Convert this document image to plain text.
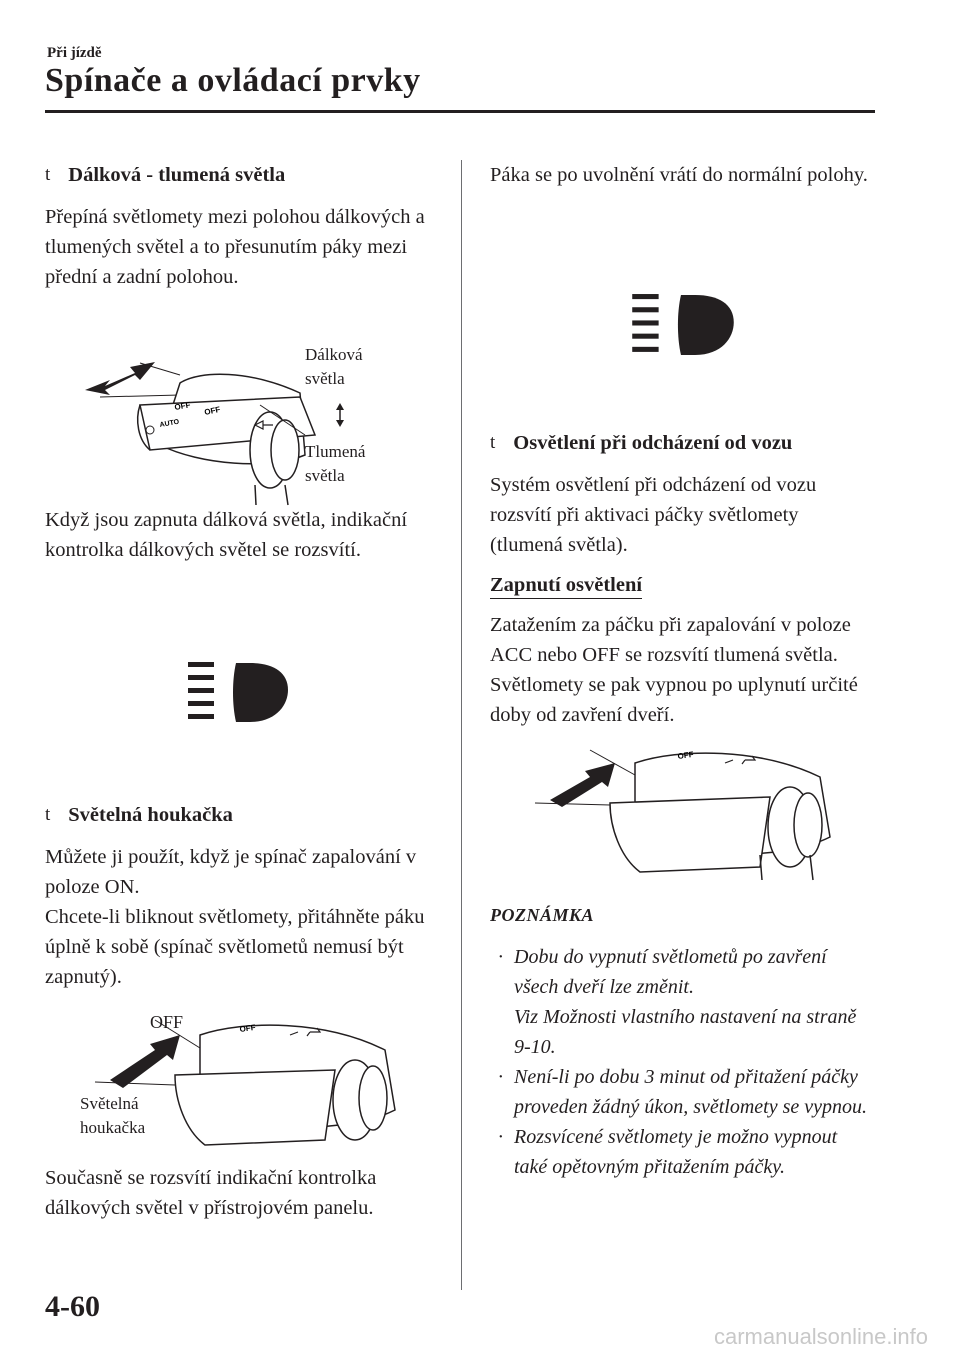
Při jízdě
Spínače a ovládací prvky
t Dálková - tlumená světla

Přepíná světlomety mezi polohou dálkových a tlumených světel a to přesunutím páky mezi přední a zadní polohou.

OFF
AUTO
OFF
Dálková světla
Tlumená světla

Když jsou zapnuta dálková světla, indikační kontrolka dálkových světel se rozsvítí.

t Světelná houkačka

Můžete ji použít, když je spínač zapalování v poloze ON.

Chcete-li bliknout světlomety, přitáhněte páku úplně k sobě (spínač světlometů nemusí být zapnutý).

OFF
OFF
Světelná houkačka

Současně se rozsvítí indikační kontrolka dálkových světel v přístrojovém panelu.

Páka se po uvolnění vrátí do normální polohy.

t Osvětlení při odcházení od vozu

Systém osvětlení při odcházení od vozu rozsvítí při aktivaci páčky světlomety (tlumená světla).

Zapnutí osvětlení

Zatažením za páčku při zapalování v poloze ACC nebo OFF se rozsvítí tlumená světla.

Světlomety se pak vypnou po uplynutí určité doby od zavření dveří.

OFF
POZNÁMKA
· Dobu do vypnutí světlometů po zavření všech dveří lze změnit.
Viz Možnosti vlastního nastavení na straně 9-10.
· Není-li po dobu 3 minut od přitažení páčky proveden žádný úkon, světlomety se vypnou.
· Rozsvícené světlomety je možno vypnout také opětovným přitažením páčky.
4-60
carmanualsonline.info
